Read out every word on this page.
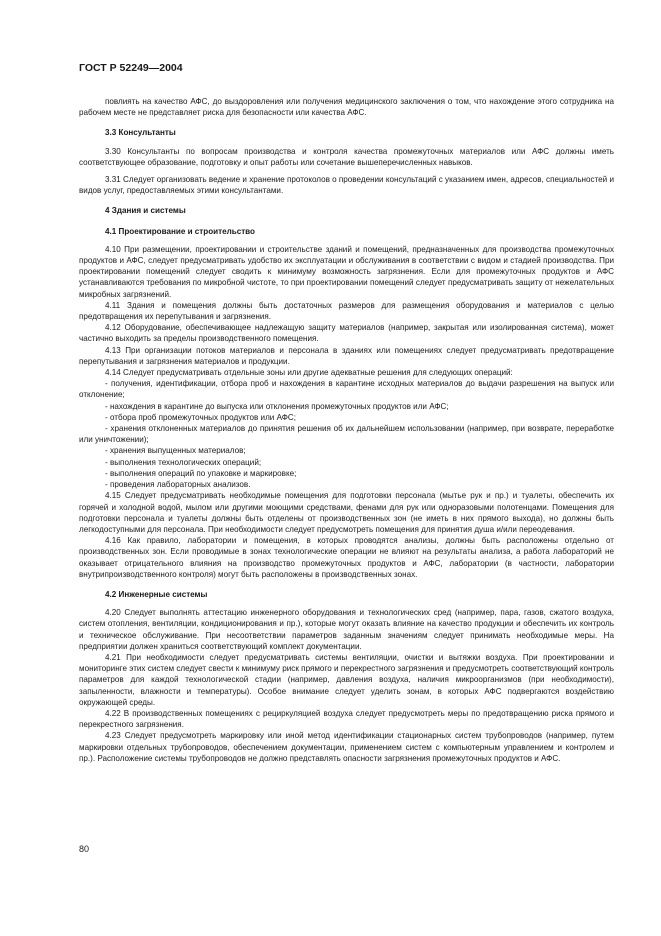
ГОСТ Р 52249—2004

повлиять на качество АФС, до выздоровления или получения медицинского заключения о том, что нахождение этого сотрудника на рабочем месте не представляет риска для безопасности или качества АФС.

3.3 Консультанты

3.30 Консультанты по вопросам производства и контроля качества промежуточных материалов или АФС должны иметь соответствующее образование, подготовку и опыт работы или сочетание вышеперечисленных навыков.

3.31 Следует организовать ведение и хранение протоколов о проведении консультаций с указанием имен, адресов, специальностей и видов услуг, предоставляемых этими консультантами.

4 Здания и системы

4.1 Проектирование и строительство

4.10 При размещении, проектировании и строительстве зданий и помещений, предназначенных для производства промежуточных продуктов и АФС, следует предусматривать удобство их эксплуатации и обслуживания в соответствии с видом и стадией производства. При проектировании помещений следует сводить к минимуму возможность загрязнения. Если для промежуточных продуктов и АФС устанавливаются требования по микробной чистоте, то при проектировании помещений следует предусматривать защиту от нежелательных микробных загрязнений.

4.11 Здания и помещения должны быть достаточных размеров для размещения оборудования и материалов с целью предотвращения их перепутывания и загрязнения.

4.12 Оборудование, обеспечивающее надлежащую защиту материалов (например, закрытая или изолированная система), может частично выходить за пределы производственного помещения.

4.13 При организации потоков материалов и персонала в зданиях или помещениях следует предусматривать предотвращение перепутывания и загрязнения материалов и продукции.

4.14 Следует предусматривать отдельные зоны или другие адекватные решения для следующих операций:

- получения, идентификации, отбора проб и нахождения в карантине исходных материалов до выдачи разрешения на выпуск или отклонение;

- нахождения в карантине до выпуска или отклонения промежуточных продуктов или АФС;

- отбора проб промежуточных продуктов или АФС;

- хранения отклоненных материалов до принятия решения об их дальнейшем использовании (например, при возврате, переработке или уничтожении);

- хранения выпущенных материалов;

- выполнения технологических операций;

- выполнения операций по упаковке и маркировке;

- проведения лабораторных анализов.

4.15 Следует предусматривать необходимые помещения для подготовки персонала (мытье рук и пр.) и туалеты, обеспечить их горячей и холодной водой, мылом или другими моющими средствами, фенами для рук или одноразовыми полотенцами. Помещения для подготовки персонала и туалеты должны быть отделены от производственных зон (не иметь в них прямого выхода), но должны быть легкодоступными для персонала. При необходимости следует предусмотреть помещения для принятия душа и/или переодевания.

4.16 Как правило, лаборатории и помещения, в которых проводятся анализы, должны быть расположены отдельно от производственных зон. Если проводимые в зонах технологические операции не влияют на результаты анализа, а работа лабораторий не оказывает отрицательного влияния на производство промежуточных продуктов и АФС, лаборатории (в частности, лаборатории внутрипроизводственного контроля) могут быть расположены в производственных зонах.

4.2 Инженерные системы

4.20 Следует выполнять аттестацию инженерного оборудования и технологических сред (например, пара, газов, сжатого воздуха, систем отопления, вентиляции, кондиционирования и пр.), которые могут оказать влияние на качество продукции и обеспечить их контроль и техническое обслуживание. При несоответствии параметров заданным значениям следует принимать необходимые меры. На предприятии должен храниться соответствующий комплект документации.

4.21 При необходимости следует предусматривать системы вентиляции, очистки и вытяжки воздуха. При проектировании и мониторинге этих систем следует свести к минимуму риск прямого и перекрестного загрязнения и предусмотреть соответствующий контроль параметров для каждой технологической стадии (например, давления воздуха, наличия микроорганизмов (при необходимости), запыленности, влажности и температуры). Особое внимание следует уделить зонам, в которых АФС подвергаются воздействию окружающей среды.

4.22 В производственных помещениях с рециркуляцией воздуха следует предусмотреть меры по предотвращению риска прямого и перекрестного загрязнения.

4.23 Следует предусмотреть маркировку или иной метод идентификации стационарных систем трубопроводов (например, путем маркировки отдельных трубопроводов, обеспечением документации, применением систем с компьютерным управлением и контролем и пр.). Расположение системы трубопроводов не должно представлять опасности загрязнения промежуточных продуктов и АФС.

80
